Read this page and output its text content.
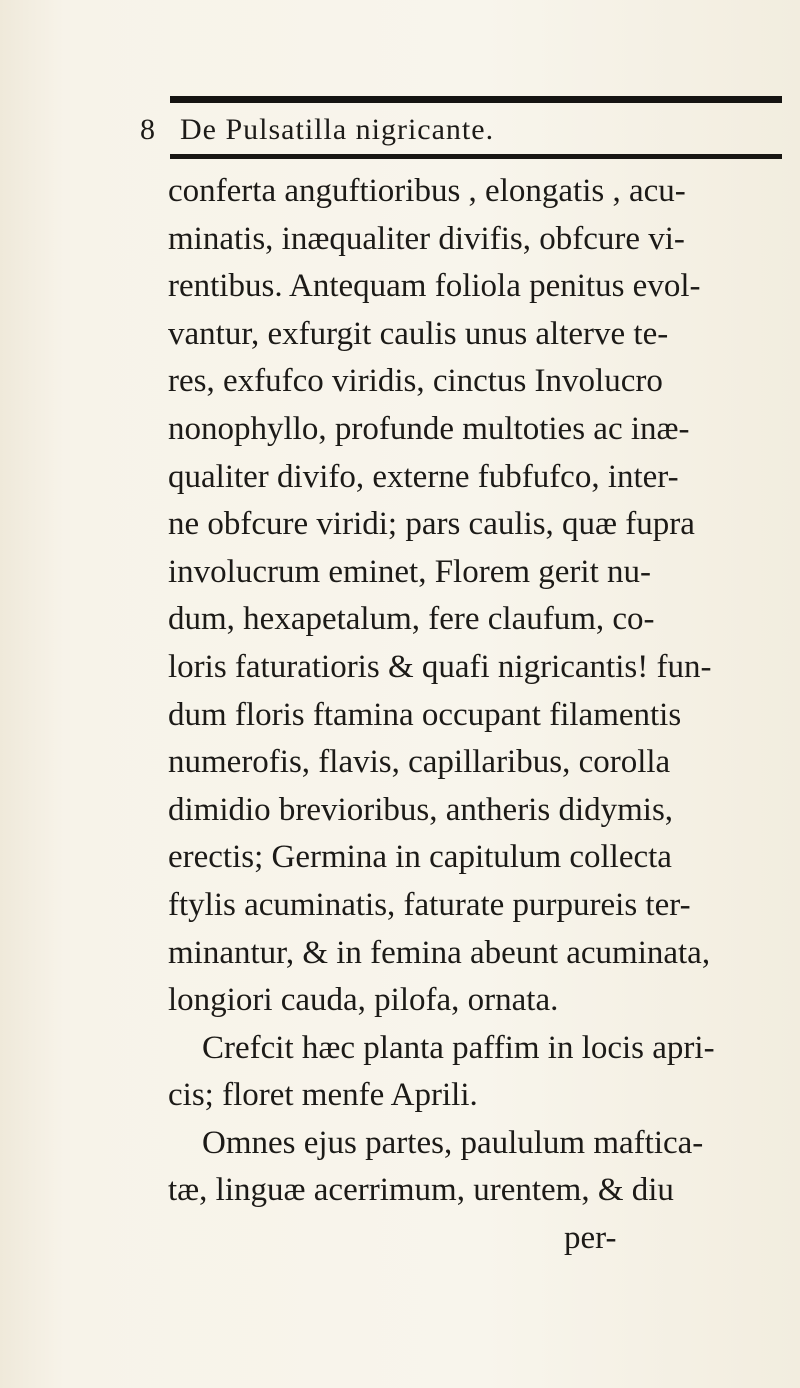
8 De Pulsatilla nigricante.
conferta anguftioribus , elongatis , acu-
minatis, inæqualiter divifis, obfcure vi-
rentibus. Antequam foliola penitus evol-
vantur, exfurgit caulis unus alterve te-
res, exfufco viridis, cinctus Involucro
nonophyllo, profunde multoties ac inæ-
qualiter divifo, externe fubfufco, inter-
ne obfcure viridi; pars caulis, quæ fupra
involucrum eminet, Florem gerit nu-
dum, hexapetalum, fere claufum, co-
loris faturatioris & quafi nigricantis! fun-
dum floris ftamina occupant filamentis
numerofis, flavis, capillaribus, corolla
dimidio brevioribus, antheris didymis,
erectis; Germina in capitulum collecta
ftylis acuminatis, faturate purpureis ter-
minantur, & in femina abeunt acuminata,
longiori cauda, pilofa, ornata.
Crefcit hæc planta paffim in locis apri-
cis; floret menfe Aprili.
Omnes ejus partes, paululum maftica-
tæ, linguæ acerrimum, urentem, & diu
per-
